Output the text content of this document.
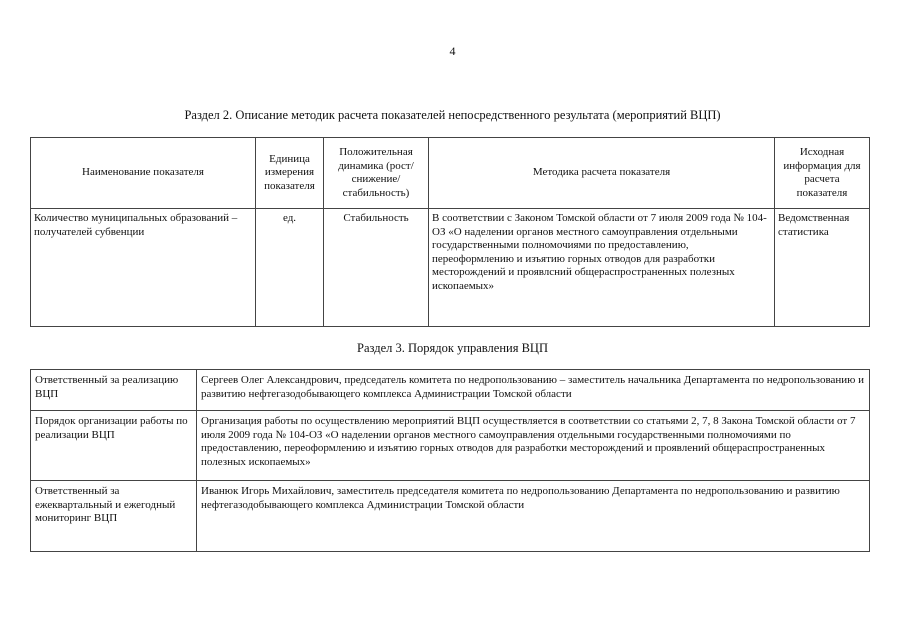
4
Раздел 2. Описание методик расчета показателей непосредственного результата (мероприятий ВЦП)
Наименование показателя	Единица измерения показателя	Положительная динамика (рост/снижение/ стабильность)	Методика расчета показателя	Исходная информация для расчета показателя
Количество муниципальных образований – получателей субвенции	ед.	Стабильность	В соответствии с Законом Томской области от 7 июля 2009 года № 104-ОЗ «О наделении органов местного самоуправления отдельными государственными полномочиями по предоставлению, переоформлению и изъятию горных отводов для разработки месторождений и проявлсний общераспространенных полезных ископаемых»	Ведомственная статистика
Раздел 3. Порядок управления ВЦП
Ответственный за реализацию ВЦП	Сергеев Олег Александрович, председатель комитета по недропользованию – заместитель начальника Департамента по недропользованию и развитию нефтегазодобывающего комплекса Администрации Томской области
Порядок организации работы по реализации ВЦП	Организация работы по осуществлению мероприятий ВЦП осуществляется в соответствии со статьями 2, 7, 8 Закона Томской области от 7 июля 2009 года № 104-ОЗ «О наделении органов местного самоуправления отдельными государственными полномочиями по предоставлению, переоформлению и изъятию горных отводов для разработки месторождений и проявлений общераспространенных полезных ископаемых»
Ответственный за ежеквартальный и ежегодный мониторинг ВЦП	Иванюк Игорь Михайлович, заместитель председателя комитета по недропользованию Департамента по недропользованию и развитию нефтегазодобывающего комплекса Администрации Томской области
